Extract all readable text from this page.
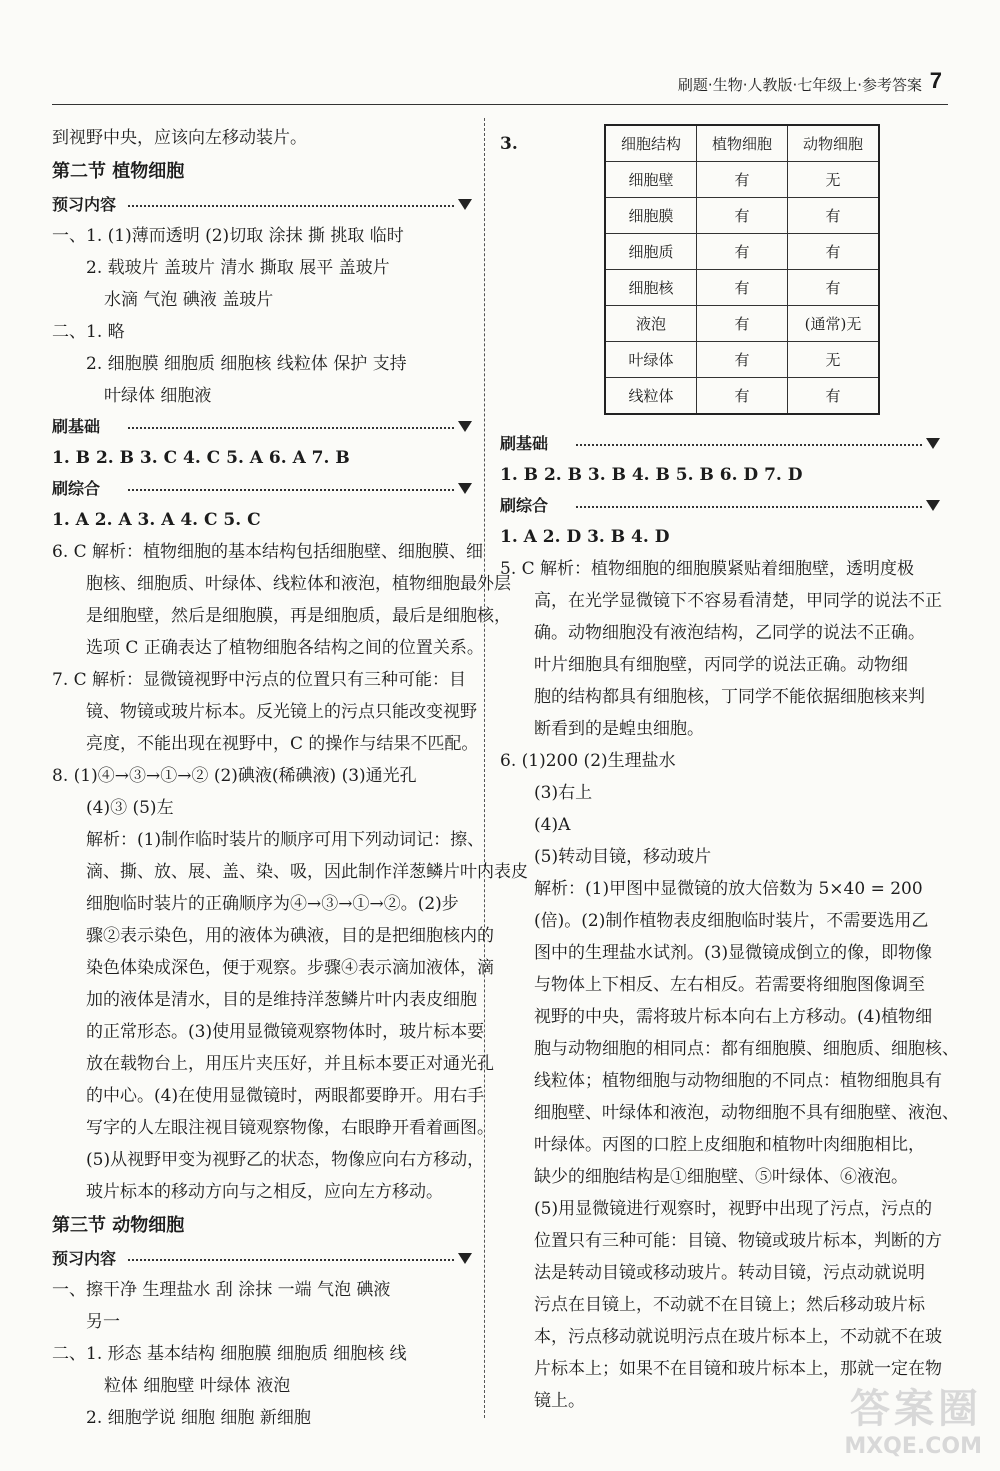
刷题·生物·人教版·七年级上·参考答案 7
到视野中央，应该向左移动装片。
第二节 植物细胞
预习内容
一、1. (1)薄而透明 (2)切取 涂抹 撕 挑取 临时
2. 载玻片 盖玻片 清水 撕取 展平 盖玻片
水滴 气泡 碘液 盖玻片
二、1. 略
2. 细胞膜 细胞质 细胞核 线粒体 保护 支持
叶绿体 细胞液
刷基础
1. B 2. B 3. C 4. C 5. A 6. A 7. B
刷综合
1. A 2. A 3. A 4. C 5. C
6. C 解析：植物细胞的基本结构包括细胞壁、细胞膜、细
胞核、细胞质、叶绿体、线粒体和液泡，植物细胞最外层
是细胞壁，然后是细胞膜，再是细胞质，最后是细胞核，
选项 C 正确表达了植物细胞各结构之间的位置关系。
7. C 解析：显微镜视野中污点的位置只有三种可能：目
镜、物镜或玻片标本。反光镜上的污点只能改变视野
亮度，不能出现在视野中，C 的操作与结果不匹配。
8. (1)④→③→①→② (2)碘液(稀碘液) (3)通光孔
(4)③ (5)左
解析：(1)制作临时装片的顺序可用下列动词记：擦、
滴、撕、放、展、盖、染、吸，因此制作洋葱鳞片叶内表皮
细胞临时装片的正确顺序为④→③→①→②。(2)步
骤②表示染色，用的液体为碘液，目的是把细胞核内的
染色体染成深色，便于观察。步骤④表示滴加液体，滴
加的液体是清水，目的是维持洋葱鳞片叶内表皮细胞
的正常形态。(3)使用显微镜观察物体时，玻片标本要
放在载物台上，用压片夹压好，并且标本要正对通光孔
的中心。(4)在使用显微镜时，两眼都要睁开。用右手
写字的人左眼注视目镜观察物像，右眼睁开看着画图。
(5)从视野甲变为视野乙的状态，物像应向右方移动，
玻片标本的移动方向与之相反，应向左方移动。
第三节 动物细胞
预习内容
一、擦干净 生理盐水 刮 涂抹 一端 气泡 碘液
另一
二、1. 形态 基本结构 细胞膜 细胞质 细胞核 线
粒体 细胞壁 叶绿体 液泡
2. 细胞学说 细胞 细胞 新细胞
3.	细胞结构	植物细胞	动物细胞
细胞壁	有	无
细胞膜	有	有
细胞质	有	有
细胞核	有	有
液泡	有	(通常)无
叶绿体	有	无
线粒体	有	有
刷基础
1. B 2. B 3. B 4. B 5. B 6. D 7. D
刷综合
1. A 2. D 3. B 4. D
5. C 解析：植物细胞的细胞膜紧贴着细胞壁，透明度极
高，在光学显微镜下不容易看清楚，甲同学的说法不正
确。动物细胞没有液泡结构，乙同学的说法不正确。
叶片细胞具有细胞壁，丙同学的说法正确。动物细
胞的结构都具有细胞核，丁同学不能依据细胞核来判
断看到的是蝗虫细胞。
6. (1)200 (2)生理盐水
(3)右上
(4)A
(5)转动目镜，移动玻片
解析：(1)甲图中显微镜的放大倍数为 5×40 = 200
(倍)。(2)制作植物表皮细胞临时装片，不需要选用乙
图中的生理盐水试剂。(3)显微镜成倒立的像，即物像
与物体上下相反、左右相反。若需要将细胞图像调至
视野的中央，需将玻片标本向右上方移动。(4)植物细
胞与动物细胞的相同点：都有细胞膜、细胞质、细胞核、
线粒体；植物细胞与动物细胞的不同点：植物细胞具有
细胞壁、叶绿体和液泡，动物细胞不具有细胞壁、液泡、
叶绿体。丙图的口腔上皮细胞和植物叶肉细胞相比，
缺少的细胞结构是①细胞壁、⑤叶绿体、⑥液泡。
(5)用显微镜进行观察时，视野中出现了污点，污点的
位置只有三种可能：目镜、物镜或玻片标本，判断的方
法是转动目镜或移动玻片。转动目镜，污点动就说明
污点在目镜上，不动就不在目镜上；然后移动玻片标
本，污点移动就说明污点在玻片标本上，不动就不在玻
片标本上；如果不在目镜和玻片标本上，那就一定在物
镜上。	答案圈
MXQE.COM
